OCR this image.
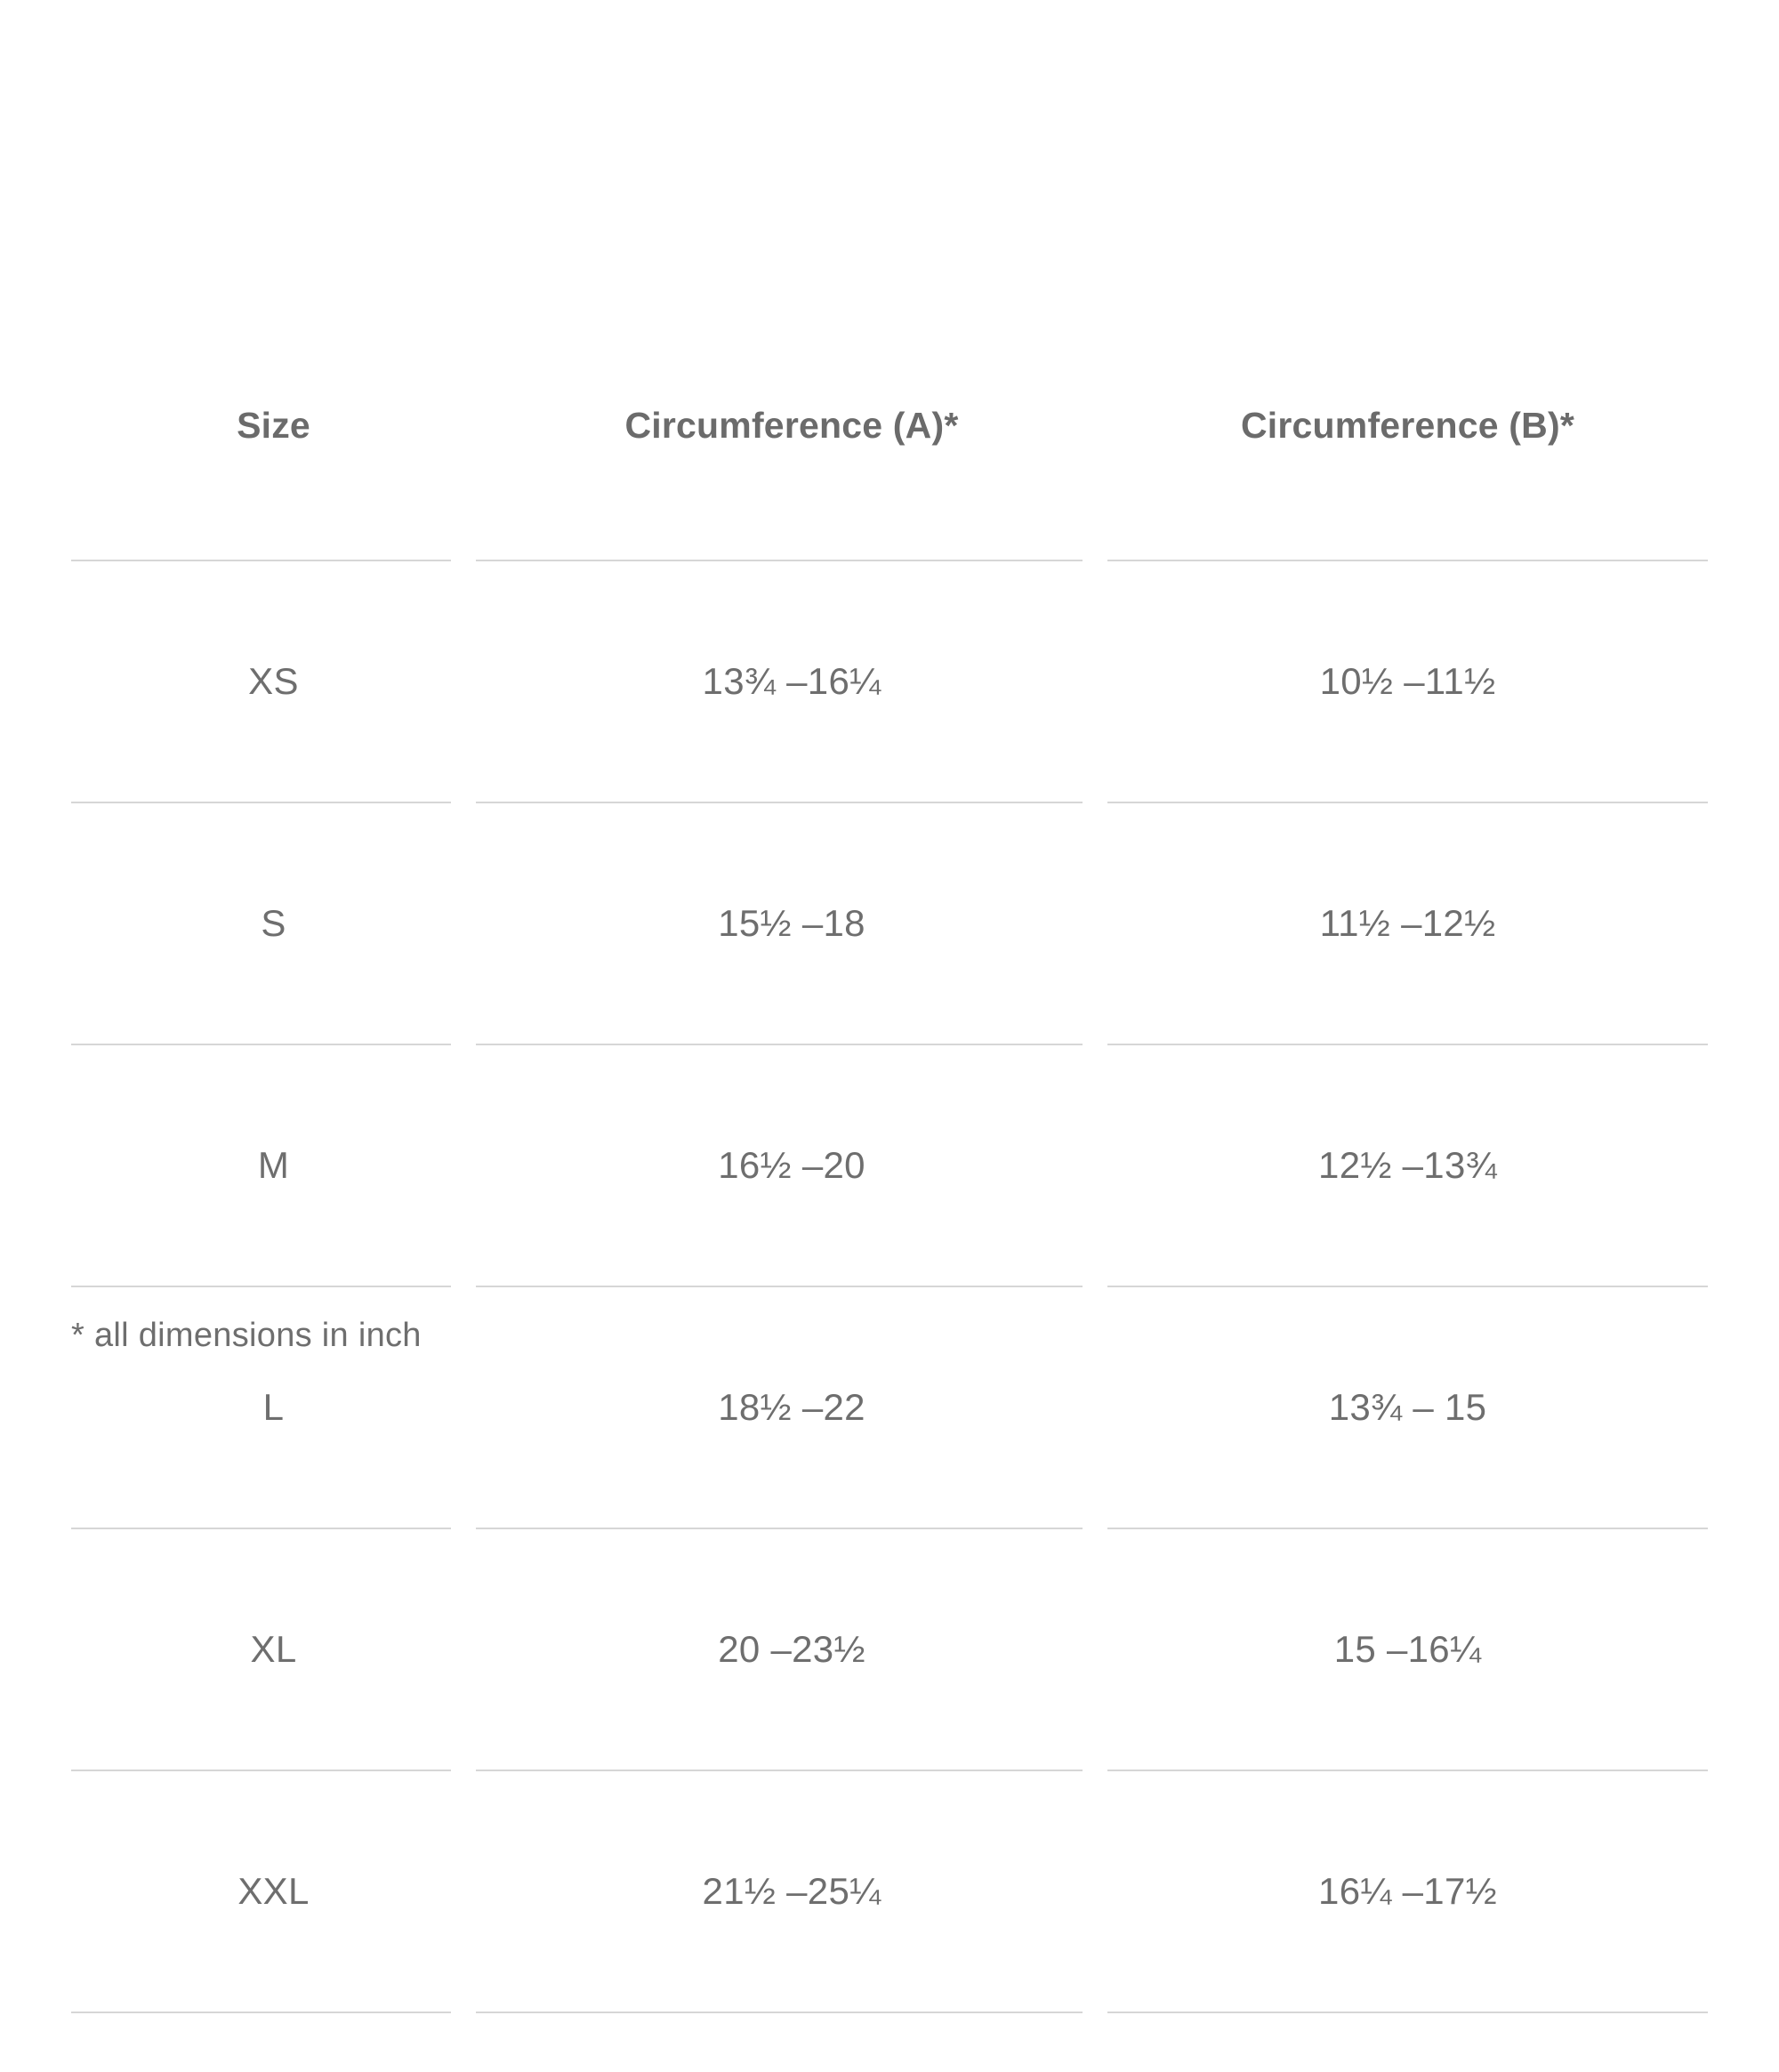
Size	Circumference (A)*	Circumference (B)*

XS	13¾ –16¼	10½ –11½

S	15½ –18	11½ –12½

M	16½ –20	12½ –13¾

L	18½ –22	13¾ – 15

XL	20 –23½	15 –16¼

XXL	21½ –25¼	16¼ –17½

* all dimensions in inch
